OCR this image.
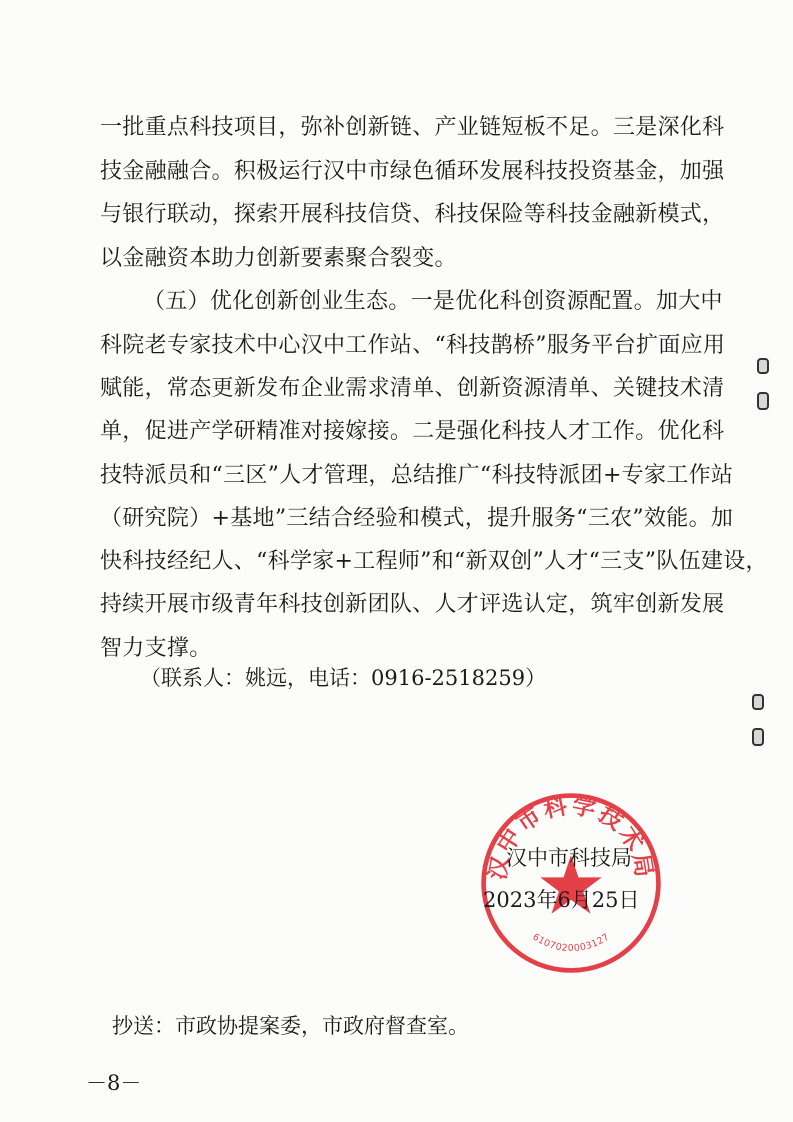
一批重点科技项目，弥补创新链、产业链短板不足。三是深化科
技金融融合。积极运行汉中市绿色循环发展科技投资基金，加强
与银行联动，探索开展科技信贷、科技保险等科技金融新模式，
以金融资本助力创新要素聚合裂变。
（五）优化创新创业生态。一是优化科创资源配置。加大中
科院老专家技术中心汉中工作站、“科技鹊桥”服务平台扩面应用
赋能，常态更新发布企业需求清单、创新资源清单、关键技术清
单，促进产学研精准对接嫁接。二是强化科技人才工作。优化科
技特派员和“三区”人才管理，总结推广“科技特派团+专家工作站
（研究院）+基地”三结合经验和模式，提升服务“三农”效能。加
快科技经纪人、“科学家+工程师”和“新双创”人才“三支”队伍建设，
持续开展市级青年科技创新团队、人才评选认定，筑牢创新发展
智力支撑。
（联系人：姚远，电话：0916-2518259）
汉中市科学技术局
6107020003127
汉中市科技局
2023年6月25日
抄送：市政协提案委，市政府督查室。
－8－
